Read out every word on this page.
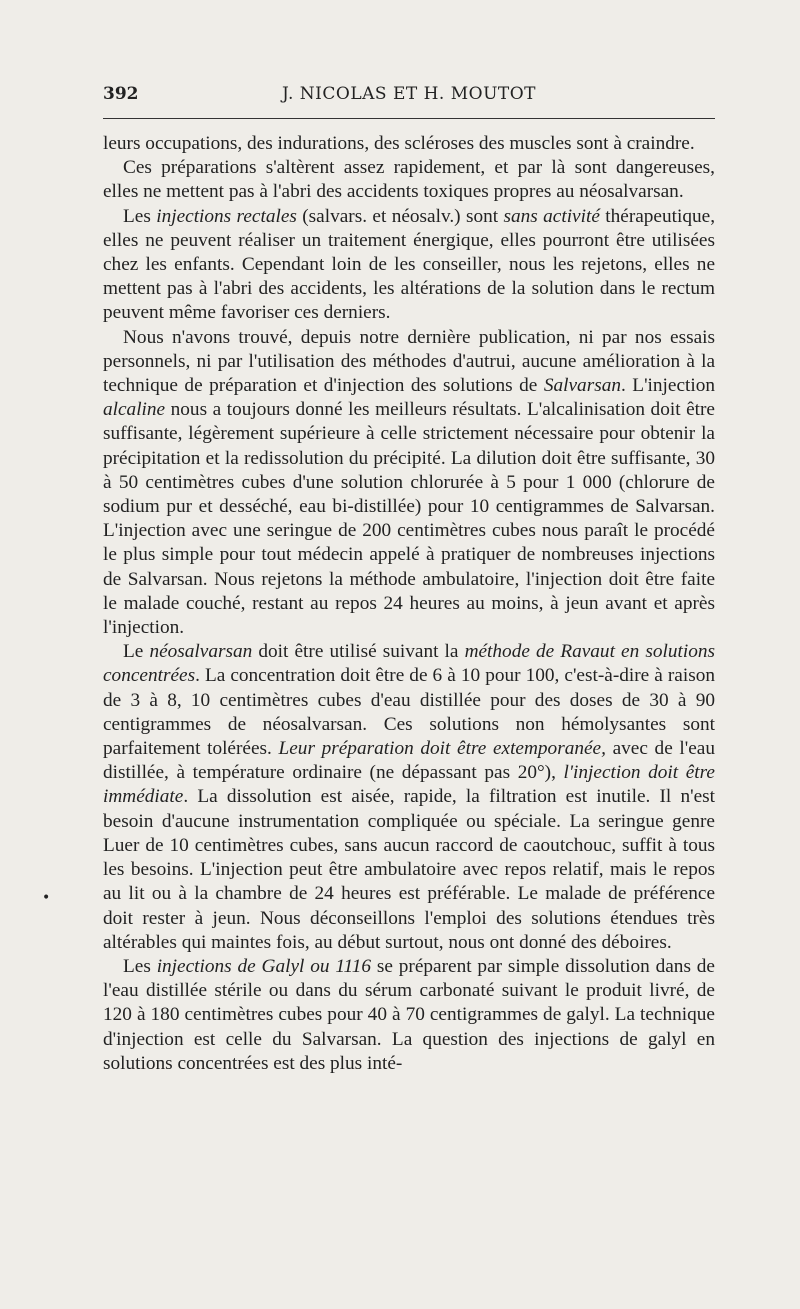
392	J. NICOLAS ET H. MOUTOT
•

leurs occupations, des indurations, des scléroses des muscles sont à craindre.

Ces préparations s'altèrent assez rapidement, et par là sont dangereuses, elles ne mettent pas à l'abri des accidents toxiques propres au néosalvarsan.

Les injections rectales (salvars. et néosalv.) sont sans activité thérapeutique, elles ne peuvent réaliser un traitement énergique, elles pourront être utilisées chez les enfants. Cependant loin de les conseiller, nous les rejetons, elles ne mettent pas à l'abri des accidents, les altérations de la solution dans le rectum peuvent même favoriser ces derniers.

Nous n'avons trouvé, depuis notre dernière publication, ni par nos essais personnels, ni par l'utilisation des méthodes d'autrui, aucune amélioration à la technique de préparation et d'injection des solutions de Salvarsan. L'injection alcaline nous a toujours donné les meilleurs résultats. L'alcalinisation doit être suffisante, légèrement supérieure à celle strictement nécessaire pour obtenir la précipitation et la redissolution du précipité. La dilution doit être suffisante, 30 à 50 centimètres cubes d'une solution chlorurée à 5 pour 1 000 (chlorure de sodium pur et desséché, eau bi-distillée) pour 10 centigrammes de Salvarsan. L'injection avec une seringue de 200 centimètres cubes nous paraît le procédé le plus simple pour tout médecin appelé à pratiquer de nombreuses injections de Salvarsan. Nous rejetons la méthode ambulatoire, l'injection doit être faite le malade couché, restant au repos 24 heures au moins, à jeun avant et après l'injection.

Le néosalvarsan doit être utilisé suivant la méthode de Ravaut en solutions concentrées. La concentration doit être de 6 à 10 pour 100, c'est-à-dire à raison de 3 à 8, 10 centimètres cubes d'eau distillée pour des doses de 30 à 90 centigrammes de néosalvarsan. Ces solutions non hémolysantes sont parfaitement tolérées. Leur préparation doit être extemporanée, avec de l'eau distillée, à température ordinaire (ne dépassant pas 20°), l'injection doit être immédiate. La dissolution est aisée, rapide, la filtration est inutile. Il n'est besoin d'aucune instrumentation compliquée ou spéciale. La seringue genre Luer de 10 centimètres cubes, sans aucun raccord de caoutchouc, suffit à tous les besoins. L'injection peut être ambulatoire avec repos relatif, mais le repos au lit ou à la chambre de 24 heures est préférable. Le malade de préférence doit rester à jeun. Nous déconseillons l'emploi des solutions étendues très altérables qui maintes fois, au début surtout, nous ont donné des déboires.

Les injections de Galyl ou 1116 se préparent par simple dissolution dans de l'eau distillée stérile ou dans du sérum carbonaté suivant le produit livré, de 120 à 180 centimètres cubes pour 40 à 70 centigrammes de galyl. La technique d'injection est celle du Salvarsan. La question des injections de galyl en solutions concentrées est des plus inté-
